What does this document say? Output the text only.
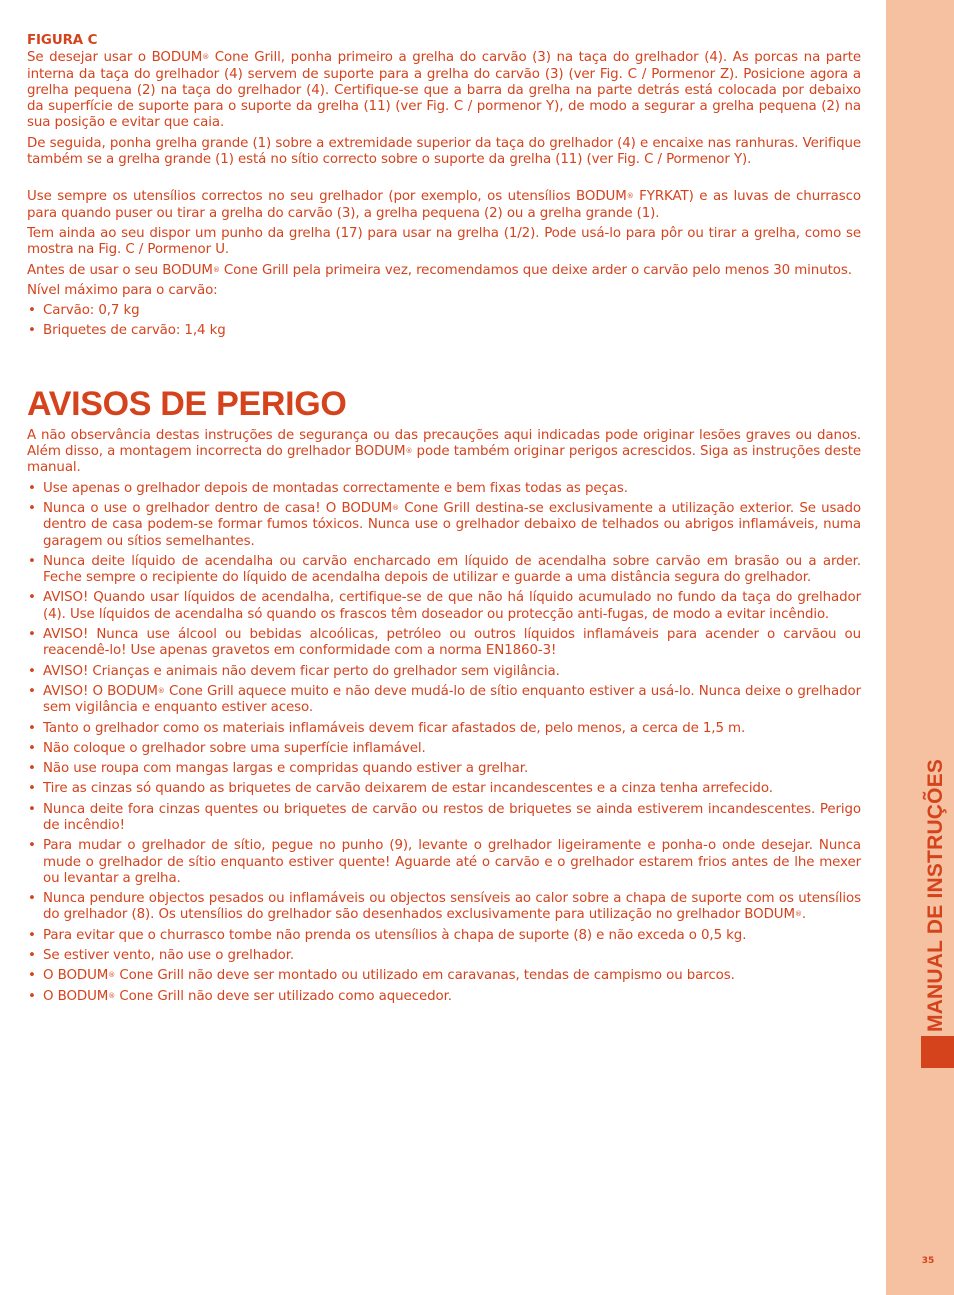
MANUAL DE INSTRUÇÕES
35
FIGURA C
Se desejar usar o BODUM® Cone Grill, ponha primeiro a grelha do carvão (3) na taça do grelhador (4). As porcas na parte interna da taça do grelhador (4) servem de suporte para a grelha do carvão (3) (ver Fig. C / Pormenor Z). Posicione agora a grelha pequena (2) na taça do grelhador (4). Certifique-se que a barra da grelha na parte detrás está colocada por debaixo da superfície de suporte para o suporte da grelha (11) (ver Fig. C / pormenor Y), de modo a segurar a grelha pequena (2) na sua posição e evitar que caia.
De seguida, ponha grelha grande (1) sobre a extremidade superior da taça do grelhador (4) e encaixe nas ranhuras. Verifique também se a grelha grande (1) está no sítio correcto sobre o suporte da grelha (11) (ver Fig. C / Pormenor Y).
Use sempre os utensílios correctos no seu grelhador (por exemplo, os utensílios BODUM® FYRKAT) e as luvas de churrasco para quando puser ou tirar a grelha do carvão (3), a grelha pequena (2) ou a grelha grande (1).
Tem ainda ao seu dispor um punho da grelha (17) para usar na grelha (1/2). Pode usá-lo para pôr ou tirar a grelha, como se mostra na Fig. C / Pormenor U.
Antes de usar o seu BODUM® Cone Grill pela primeira vez, recomendamos que deixe arder o carvão pelo menos 30 minutos.
Nível máximo para o carvão:
• Carvão: 0,7 kg
• Briquetes de carvão: 1,4 kg
AVISOS DE PERIGO
A não observância destas instruções de segurança ou das precauções aqui indicadas pode originar lesões graves ou danos. Além disso, a montagem incorrecta do grelhador BODUM® pode também originar perigos acrescidos. Siga as instruções deste manual.
• Use apenas o grelhador depois de montadas correctamente e bem fixas todas as peças.
• Nunca o use o grelhador dentro de casa! O BODUM® Cone Grill destina-se exclusivamente a utilização exterior. Se usado dentro de casa podem-se formar fumos tóxicos. Nunca use o grelhador debaixo de telhados ou abrigos inflamáveis, numa garagem ou sítios semelhantes.
• Nunca deite líquido de acendalha ou carvão encharcado em líquido de acendalha sobre carvão em brasão ou a arder. Feche sempre o recipiente do líquido de acendalha depois de utilizar e guarde a uma distância segura do grelhador.
• AVISO! Quando usar líquidos de acendalha, certifique-se de que não há líquido acumulado no fundo da taça do grelhador (4). Use líquidos de acendalha só quando os frascos têm doseador ou protecção anti-fugas, de modo a evitar incêndio.
• AVISO! Nunca use álcool ou bebidas alcoólicas, petróleo ou outros líquidos inflamáveis para acender o carvãou ou reacendê-lo! Use apenas gravetos em conformidade com a norma EN1860-3!
• AVISO! Crianças e animais não devem ficar perto do grelhador sem vigilância.
• AVISO! O BODUM® Cone Grill aquece muito e não deve mudá-lo de sítio enquanto estiver a usá-lo. Nunca deixe o grelhador sem vigilância e enquanto estiver aceso.
• Tanto o grelhador como os materiais inflamáveis devem ficar afastados de, pelo menos, a cerca de 1,5 m.
• Não coloque o grelhador sobre uma superfície inflamável.
• Não use roupa com mangas largas e compridas quando estiver a grelhar.
• Tire as cinzas só quando as briquetes de carvão deixarem de estar incandescentes e a cinza tenha arrefecido.
• Nunca deite fora cinzas quentes ou briquetes de carvão ou restos de briquetes se ainda estiverem incandescentes. Perigo de incêndio!
• Para mudar o grelhador de sítio, pegue no punho (9), levante o grelhador ligeiramente e ponha-o onde desejar. Nunca mude o grelhador de sítio enquanto estiver quente! Aguarde até o carvão e o grelhador estarem frios antes de lhe mexer ou levantar a grelha.
• Nunca pendure objectos pesados ou inflamáveis ou objectos sensíveis ao calor sobre a chapa de suporte com os utensílios do grelhador (8). Os utensílios do grelhador são desenhados exclusivamente para utilização no grelhador BODUM®.
• Para evitar que o churrasco tombe não prenda os utensílios à chapa de suporte (8) e não exceda o 0,5 kg.
• Se estiver vento, não use o grelhador.
• O BODUM® Cone Grill não deve ser montado ou utilizado em caravanas, tendas de campismo ou barcos.
• O BODUM® Cone Grill não deve ser utilizado como aquecedor.
